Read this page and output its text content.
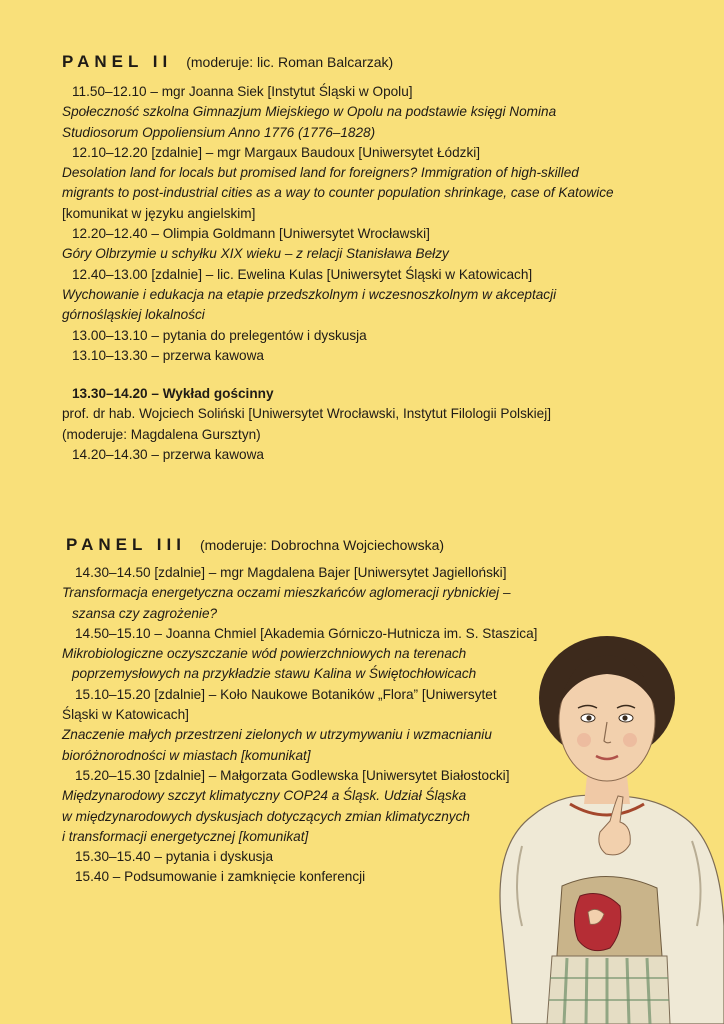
PANEL II (moderuje: lic. Roman Balcarzak)
11.50–12.10 – mgr Joanna Siek [Instytut Śląski w Opolu]
Społeczność szkolna Gimnazjum Miejskiego w Opolu na podstawie księgi Nomina
Studiosorum Oppoliensium Anno 1776 (1776–1828)
12.10–12.20 [zdalnie] – mgr Margaux Baudoux [Uniwersytet Łódzki]
Desolation land for locals but promised land for foreigners? Immigration of high-skilled
migrants to post-industrial cities as a way to counter population shrinkage, case of Katowice
[komunikat w języku angielskim]
12.20–12.40 – Olimpia Goldmann [Uniwersytet Wrocławski]
Góry Olbrzymie u schyłku XIX wieku – z relacji Stanisława Bełzy
12.40–13.00 [zdalnie] – lic. Ewelina Kulas [Uniwersytet Śląski w Katowicach]
Wychowanie i edukacja na etapie przedszkolnym i wczesnoszkolnym w akceptacji
górnośląskiej lokalności
13.00–13.10 – pytania do prelegentów i dyskusja
13.10–13.30 – przerwa kawowa
13.30–14.20 – Wykład gościnny
prof. dr hab. Wojciech Soliński [Uniwersytet Wrocławski, Instytut Filologii Polskiej]
(moderuje: Magdalena Gursztyn)
14.20–14.30 – przerwa kawowa
PANEL III (moderuje: Dobrochna Wojciechowska)
14.30–14.50 [zdalnie] – mgr Magdalena Bajer [Uniwersytet Jagielloński]
Transformacja energetyczna oczami mieszkańców aglomeracji rybnickiej –
szansa czy zagrożenie?
14.50–15.10 – Joanna Chmiel [Akademia Górniczo-Hutnicza im. S. Staszica]
Mikrobiologiczne oczyszczanie wód powierzchniowych na terenach
poprzemysłowych na przykładzie stawu Kalina w Świętochłowicach
15.10–15.20 [zdalnie] – Koło Naukowe Botaników „Flora” [Uniwersytet
Śląski w Katowicach]
Znaczenie małych przestrzeni zielonych w utrzymywaniu i wzmacnianiu
bioróżnorodności w miastach [komunikat]
15.20–15.30 [zdalnie] – Małgorzata Godlewska [Uniwersytet Białostocki]
Międzynarodowy szczyt klimatyczny COP24 a Śląsk. Udział Śląska
w międzynarodowych dyskusjach dotyczących zmian klimatycznych
i transformacji energetycznej [komunikat]
15.30–15.40 – pytania i dyskusja
15.40 – Podsumowanie i zamknięcie konferencji
